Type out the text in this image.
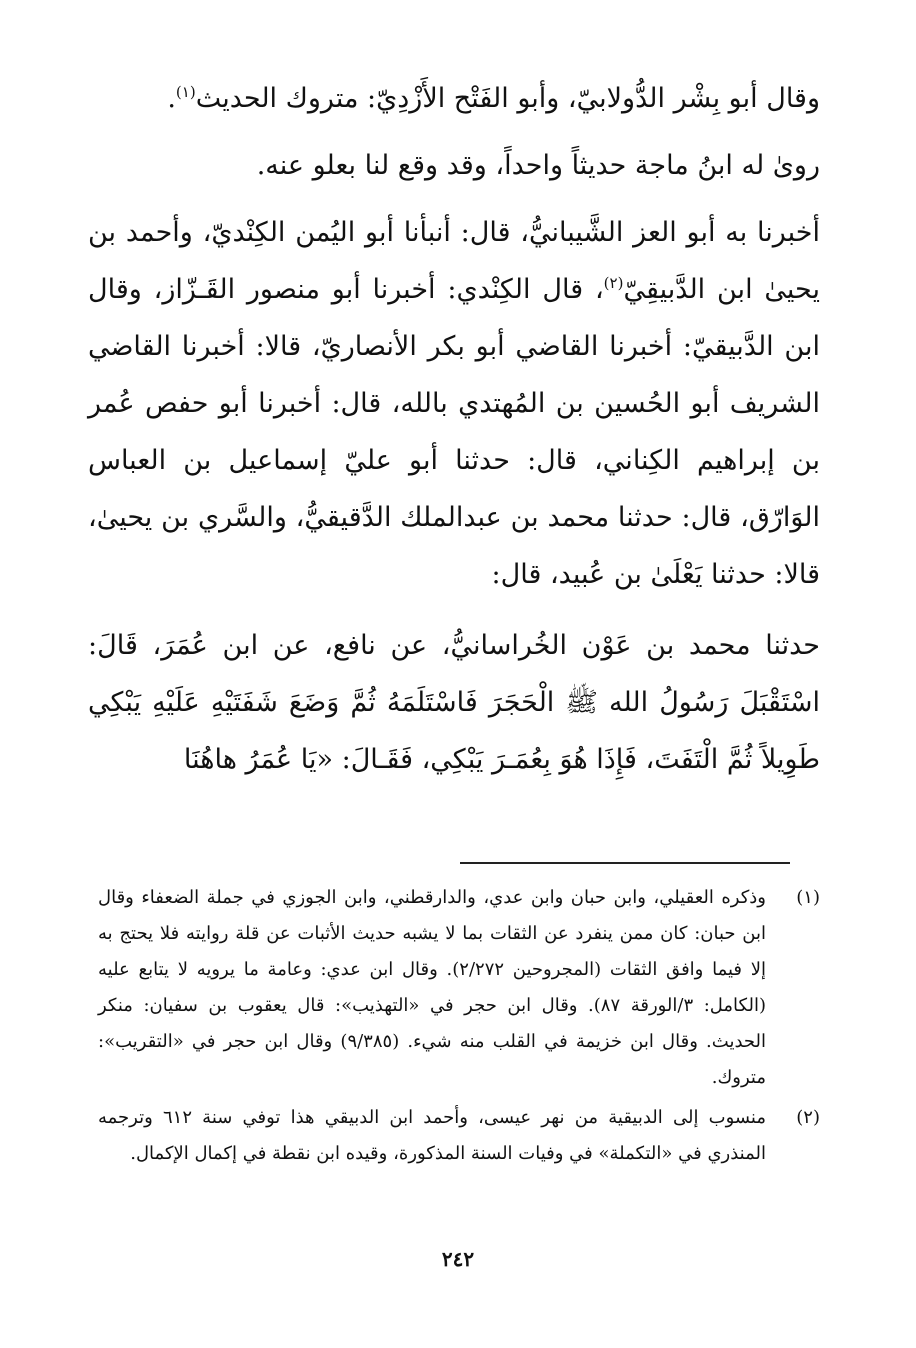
وقال أبو بِشْر الدُّولابيّ، وأبو الفَتْح الأَزْدِيّ: متروك الحديث$^{(١)}$.

روىٰ له ابنُ ماجة حديثاً واحداً، وقد وقع لنا بعلو عنه.

أخبرنا به أبو العز الشَّيبانيُّ، قال: أنبأنا أبو اليُمن الكِنْديّ، وأحمد بن يحيىٰ ابن الدَّبيقِيّ$^{(٢)}$، قال الكِنْدي: أخبرنا أبو منصور القَـزّاز، وقال ابن الدَّبيقيّ: أخبرنا القاضي أبو بكر الأنصاريّ، قالا: أخبرنا القاضي الشريف أبو الحُسين بن المُهتدي بالله، قال: أخبرنا أبو حفص عُمر بن إبراهيم الكِناني، قال: حدثنا أبو عليّ إسماعيل بن العباس الوَارّق، قال: حدثنا محمد بن عبدالملك الدَّقيقيُّ، والسَّري بن يحيىٰ، قالا: حدثنا يَعْلَىٰ بن عُبيد، قال:

حدثنا محمد بن عَوْن الخُراسانيُّ، عن نافع، عن ابن عُمَرَ، قَالَ: اسْتَقْبَلَ رَسُولُ الله ﷺ الْحَجَرَ فَاسْتَلَمَهُ ثُمَّ وَضَعَ شَفَتَيْهِ عَلَيْهِ يَبْكِي طَوِيلاً ثُمَّ الْتَفَتَ، فَإِذَا هُوَ بِعُمَـرَ يَبْكِي، فَقَـالَ: «يَا عُمَرُ هاهُنَا

(١)
وذكره العقيلي، وابن حبان وابن عدي، والدارقطني، وابن الجوزي في جملة الضعفاء وقال ابن حبان: كان ممن ينفرد عن الثقات بما لا يشبه حديث الأثبات عن قلة روايته فلا يحتج به إلا فيما وافق الثقات (المجروحين ٢/٢٧٢). وقال ابن عدي: وعامة ما يرويه لا يتابع عليه (الكامل: ٣/الورقة ٨٧). وقال ابن حجر في «التهذيب»: قال يعقوب بن سفيان: منكر الحديث. وقال ابن خزيمة في القلب منه شيء. (٩/٣٨٥) وقال ابن حجر في «التقريب»: متروك.
(٢)
منسوب إلى الدبيقية من نهر عيسى، وأحمد ابن الدبيقي هذا توفي سنة ٦١٢ وترجمه المنذري في «التكملة» في وفيات السنة المذكورة، وقيده ابن نقطة في إكمال الإكمال.
٢٤٢
